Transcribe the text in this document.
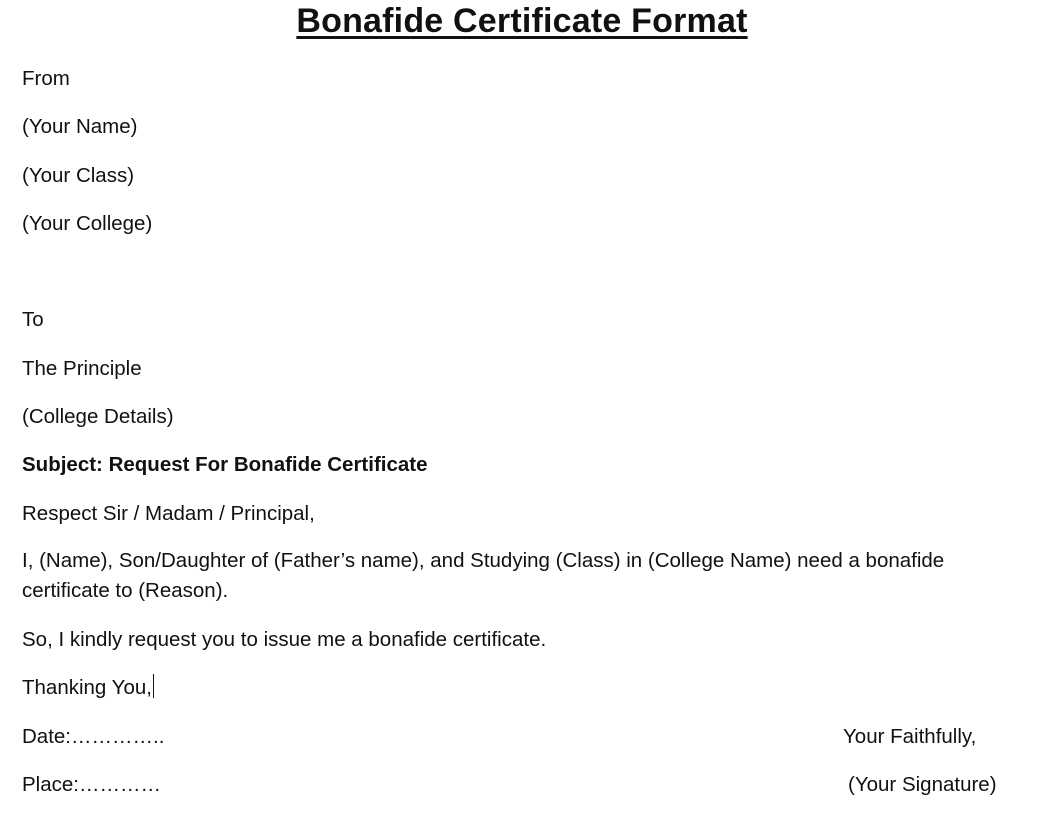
Bonafide Certificate Format
From
(Your Name)
(Your Class)
(Your College)
To
The Principle
(College Details)
Subject: Request For Bonafide Certificate
Respect Sir / Madam / Principal,
I, (Name), Son/Daughter of (Father’s name), and Studying (Class) in (College Name) need a bonafide certificate to (Reason).
So, I kindly request you to issue me a bonafide certificate.
Thanking You,
Date:…………..	Your Faithfully,
Place:…………	(Your Signature)
